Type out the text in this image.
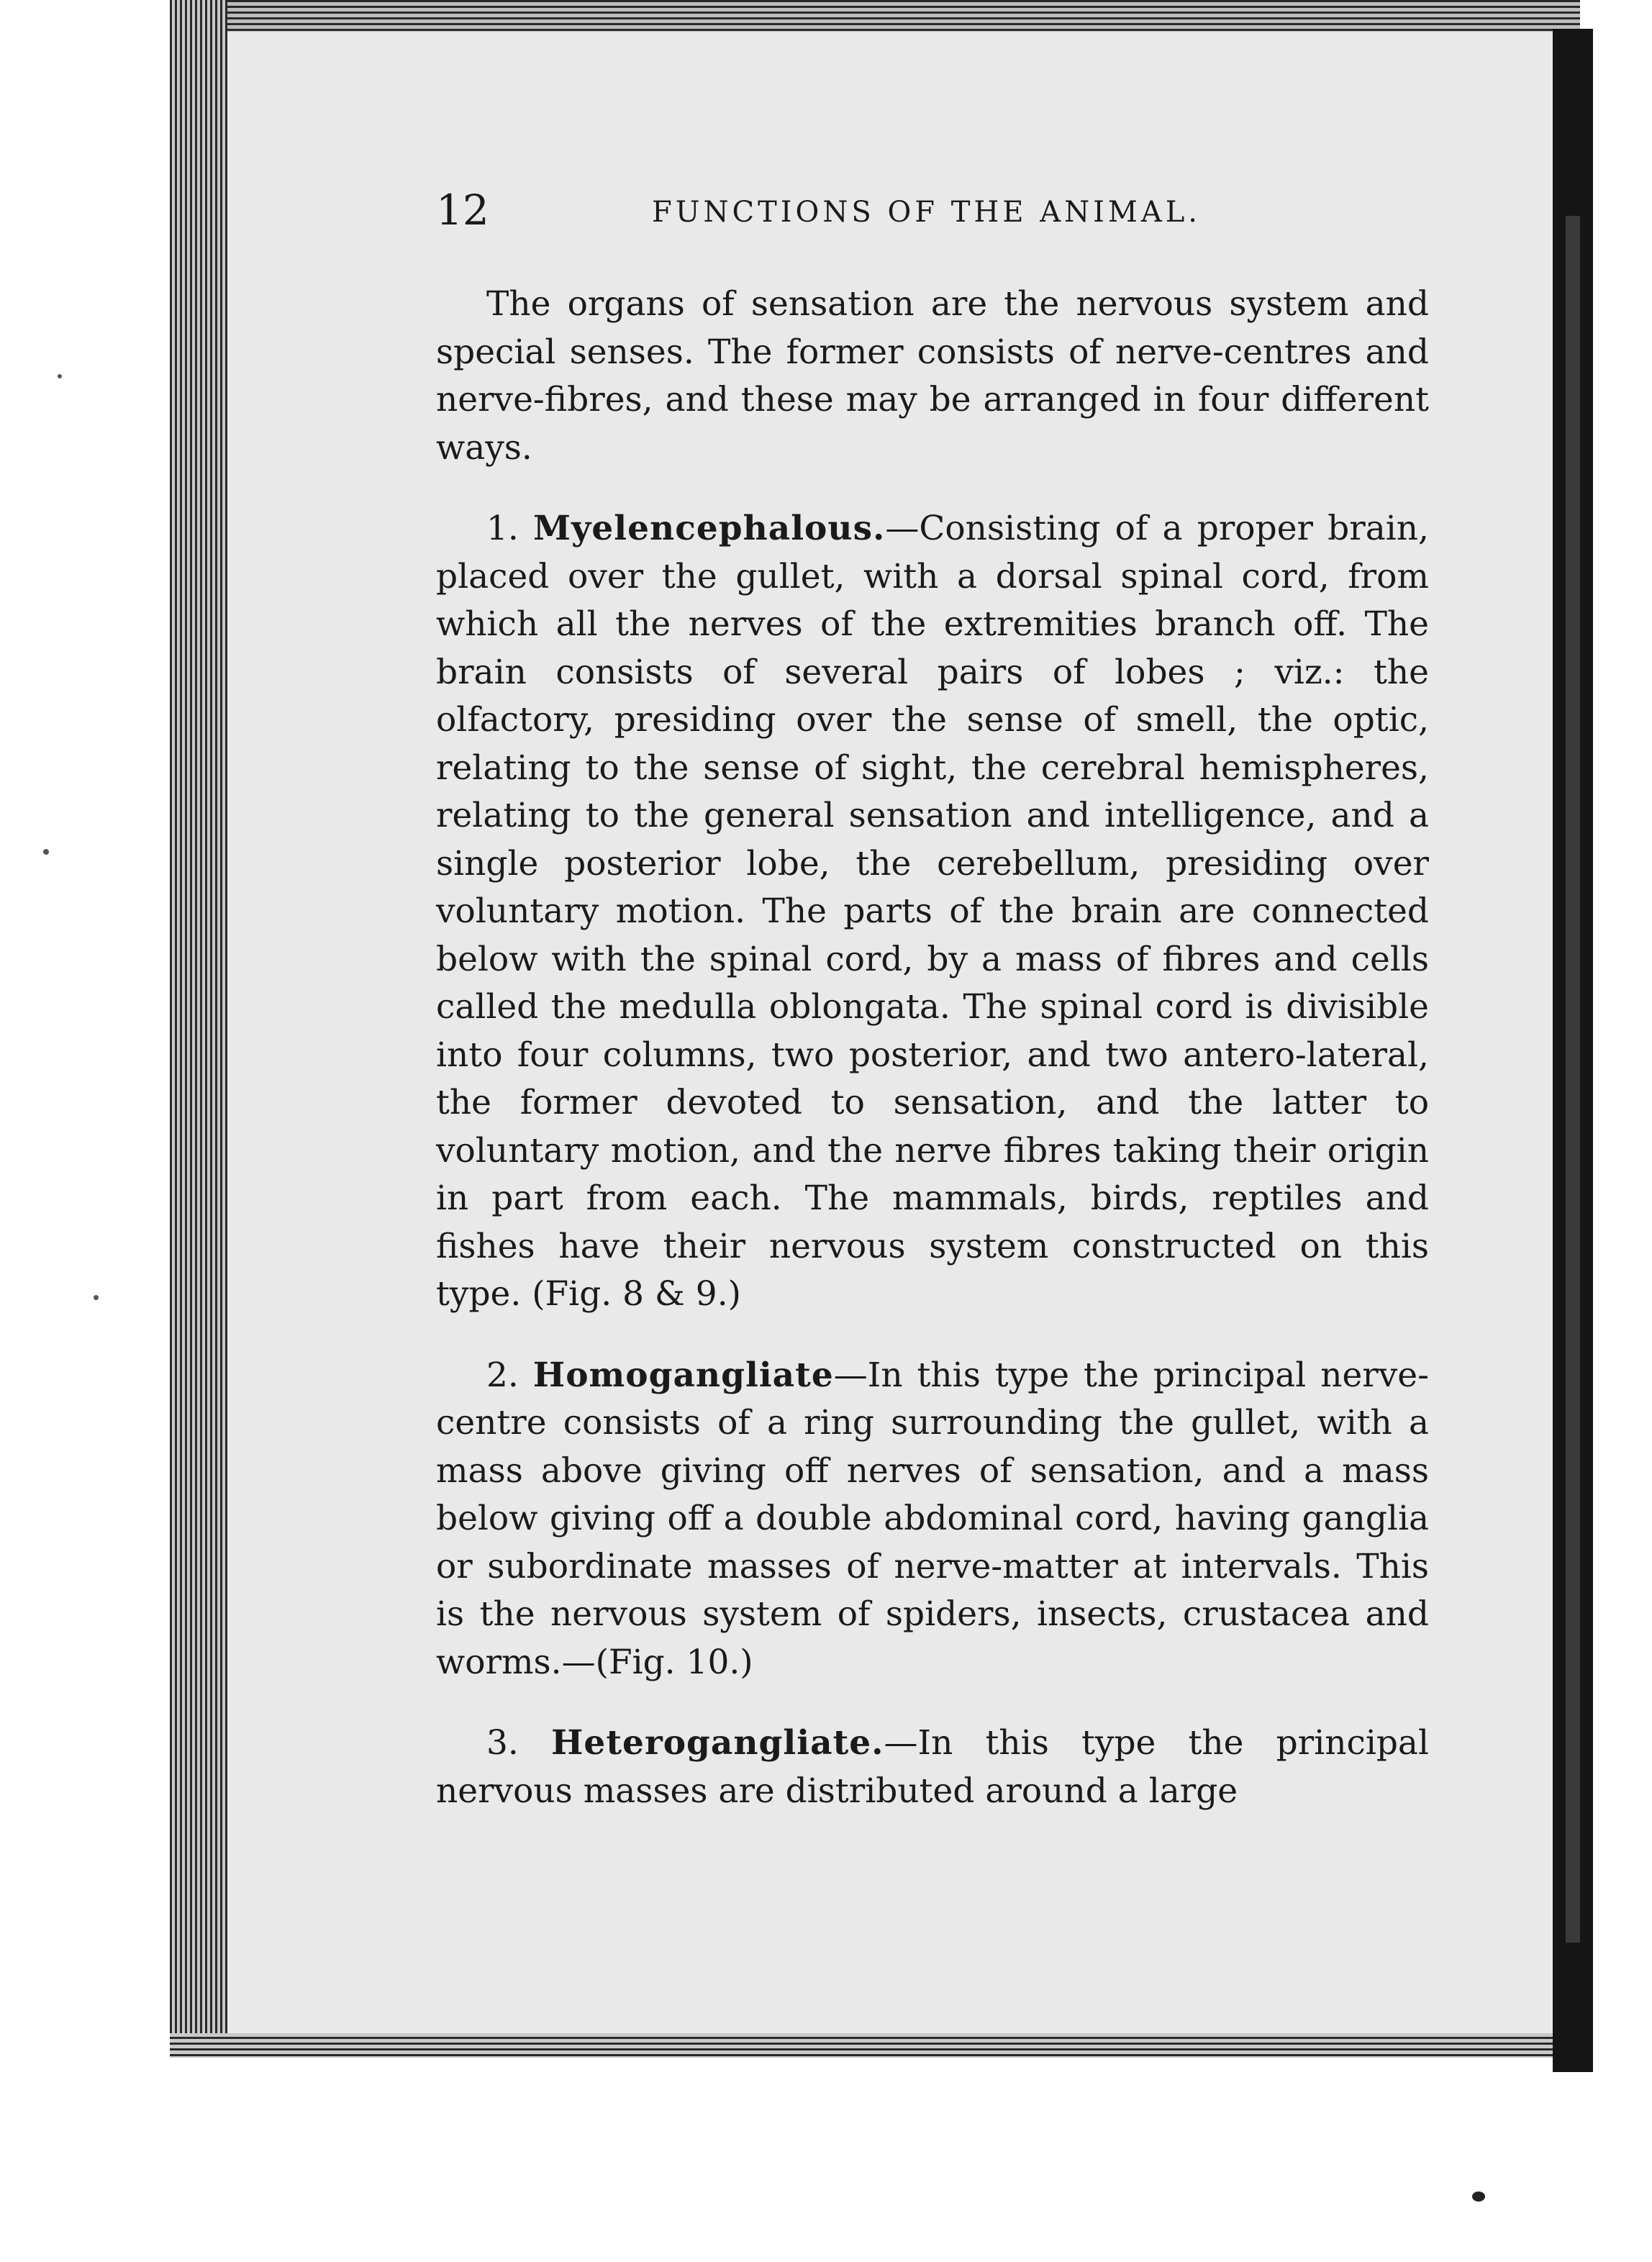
12	FUNCTIONS OF THE ANIMAL.

The organs of sensation are the nervous system and special senses. The former consists of nerve-centres and nerve-fibres, and these may be arranged in four different ways.

1. Myelencephalous.—Consisting of a proper brain, placed over the gullet, with a dorsal spinal cord, from which all the nerves of the extremities branch off. The brain consists of several pairs of lobes ; viz.: the olfactory, presiding over the sense of smell, the optic, relating to the sense of sight, the cerebral hemispheres, relating to the general sensation and intelligence, and a single posterior lobe, the cerebellum, presiding over voluntary motion. The parts of the brain are connected below with the spinal cord, by a mass of fibres and cells called the medulla oblongata. The spinal cord is divisible into four columns, two posterior, and two antero-lateral, the former devoted to sensation, and the latter to voluntary motion, and the nerve fibres taking their origin in part from each. The mammals, birds, reptiles and fishes have their nervous system constructed on this type. (Fig. 8 & 9.)

2. Homogangliate—In this type the principal nerve-centre consists of a ring surrounding the gullet, with a mass above giving off nerves of sensation, and a mass below giving off a double abdominal cord, having ganglia or subordinate masses of nerve-matter at intervals. This is the nervous system of spiders, insects, crustacea and worms.—(Fig. 10.)

3. Heterogangliate.—In this type the principal nervous masses are distributed around a large
